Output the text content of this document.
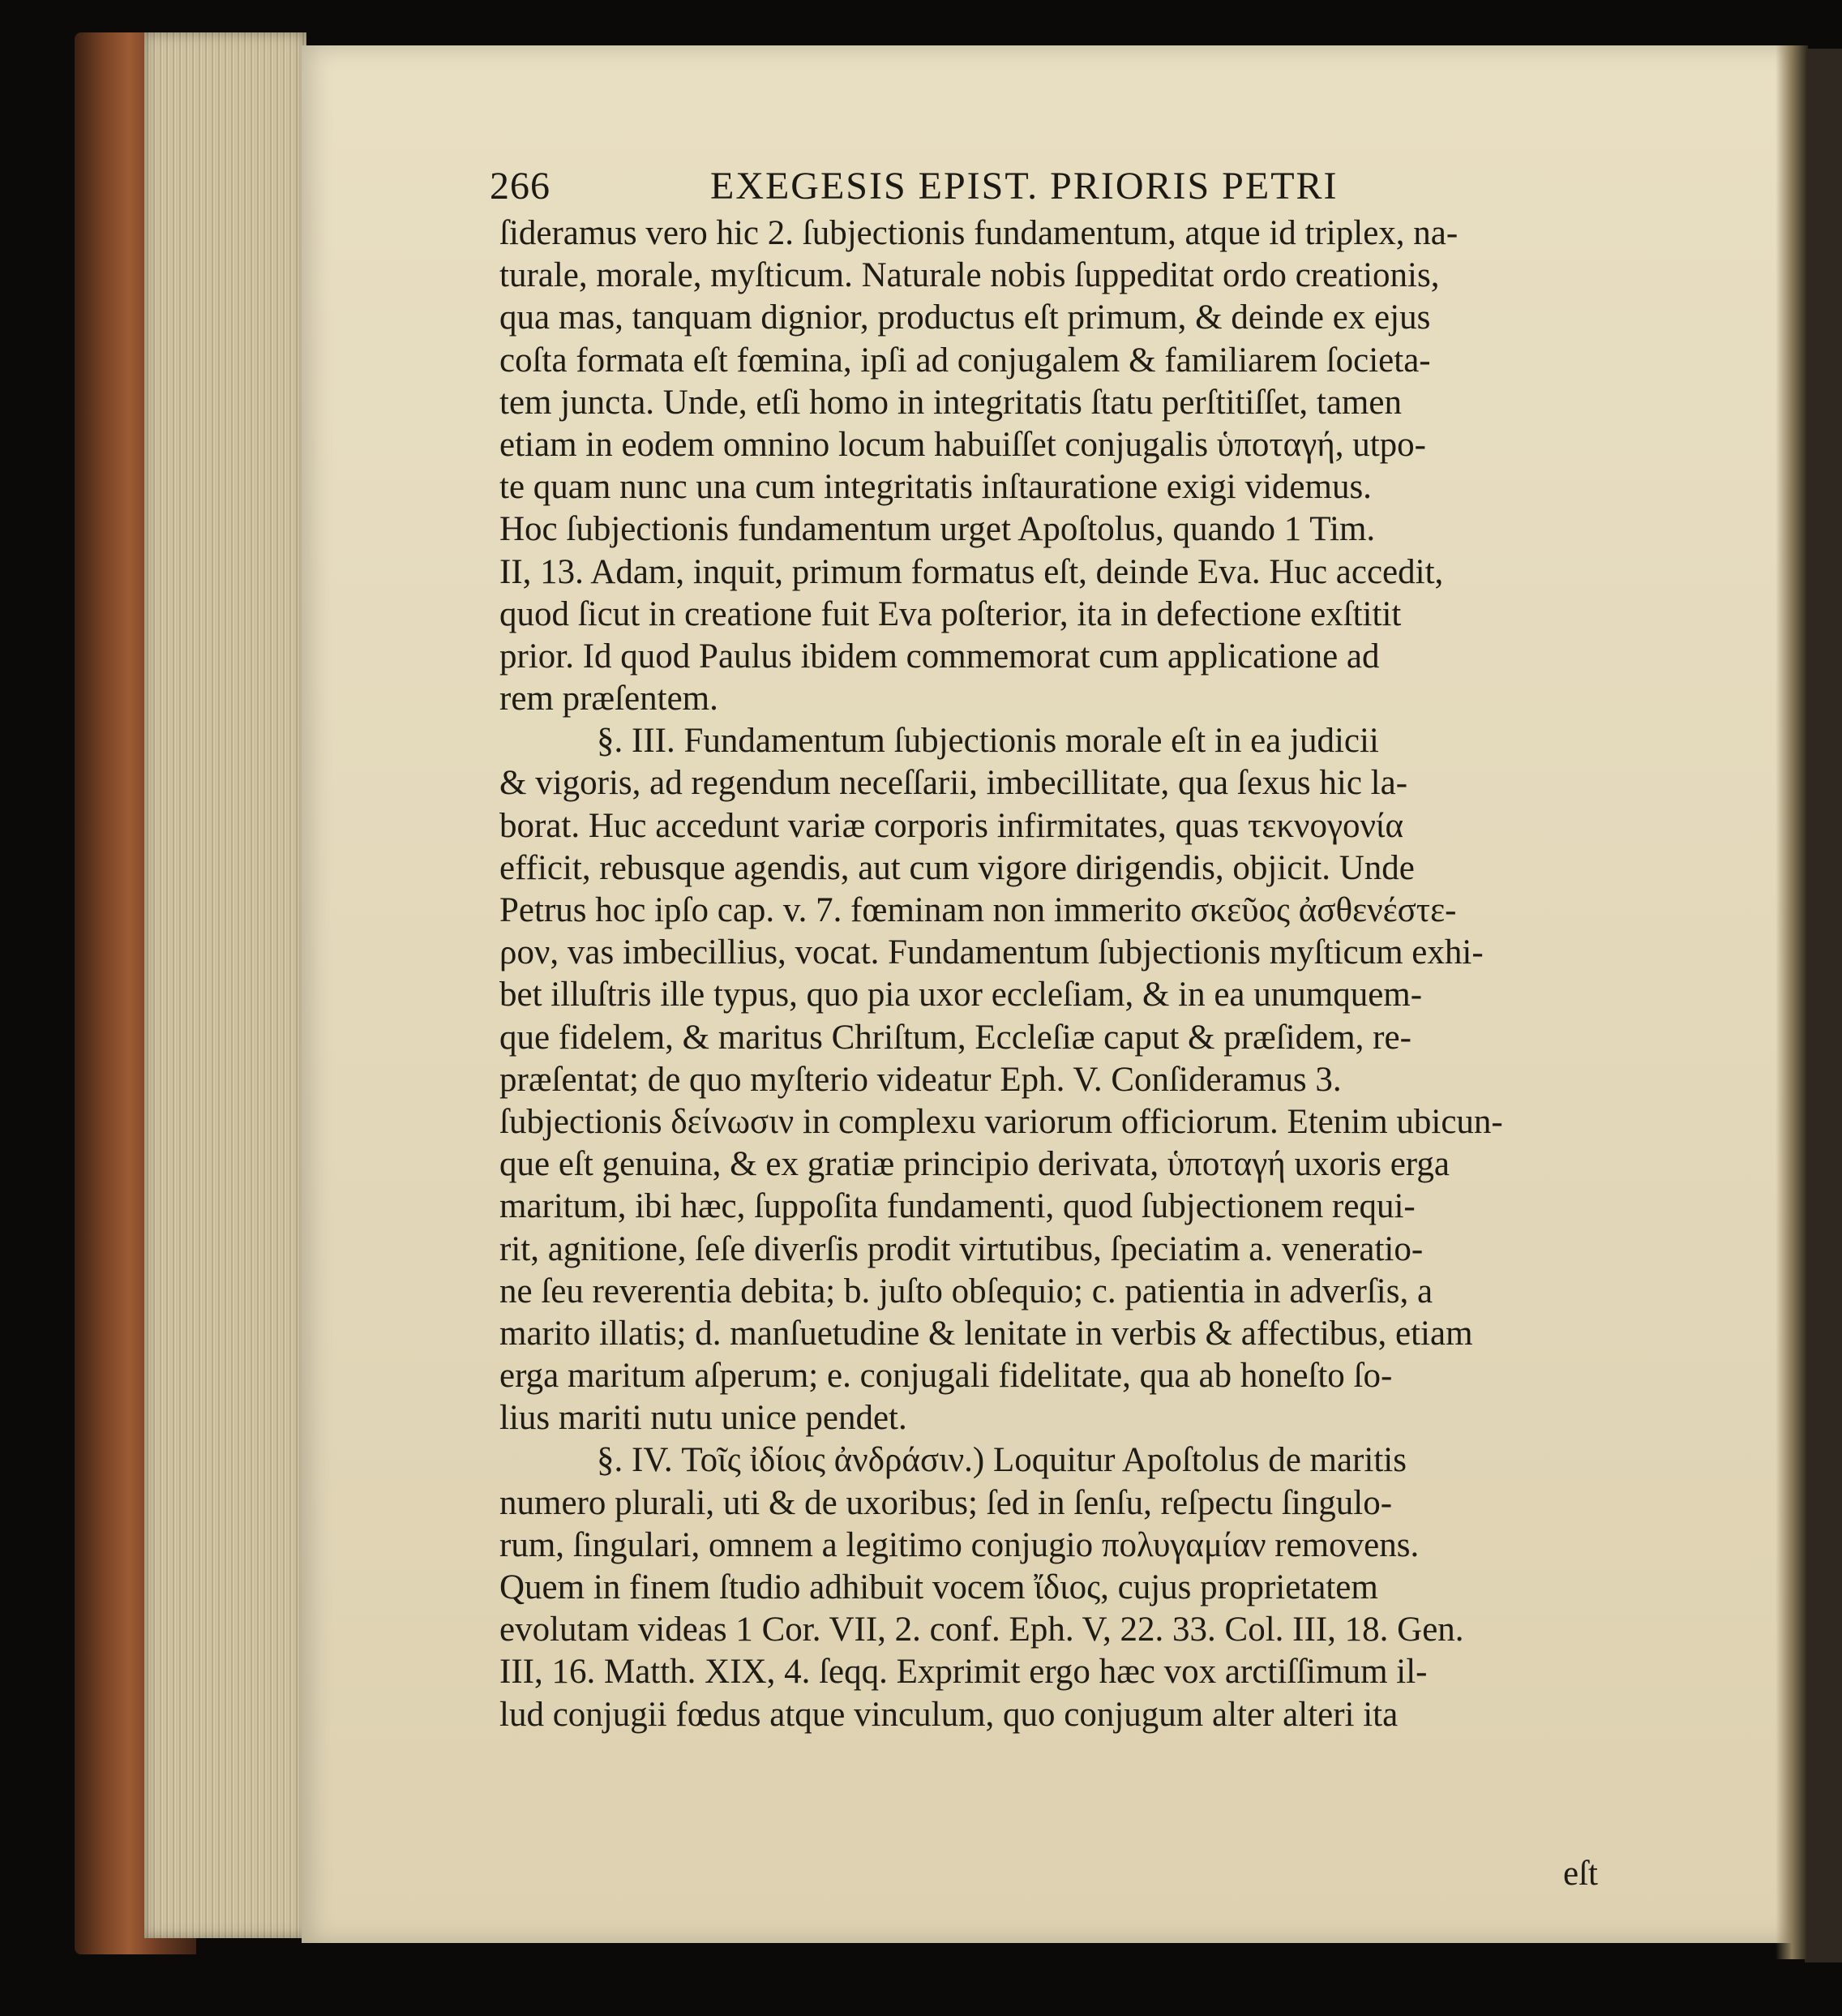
266	EXEGESIS EPIST. PRIORIS PETRI
ſideramus vero hic 2. ſubjectionis fundamentum, atque id triplex, na-
turale, morale, myſticum. Naturale nobis ſuppeditat ordo creationis,
qua mas, tanquam dignior, productus eſt primum, & deinde ex ejus
coſta formata eſt fœmina, ipſi ad conjugalem & familiarem ſocieta-
tem juncta. Unde, etſi homo in integritatis ſtatu perſtitiſſet, tamen
etiam in eodem omnino locum habuiſſet conjugalis ὑποταγή, utpo-
te quam nunc una cum integritatis inſtauratione exigi videmus.
Hoc ſubjectionis fundamentum urget Apoſtolus, quando 1 Tim.
II, 13. Adam, inquit, primum formatus eſt, deinde Eva. Huc accedit,
quod ſicut in creatione fuit Eva poſterior, ita in defectione exſtitit
prior. Id quod Paulus ibidem commemorat cum applicatione ad
rem præſentem.
§. III. Fundamentum ſubjectionis morale eſt in ea judicii
& vigoris, ad regendum neceſſarii, imbecillitate, qua ſexus hic la-
borat. Huc accedunt variæ corporis infirmitates, quas τεκνογονία
efficit, rebusque agendis, aut cum vigore dirigendis, objicit. Unde
Petrus hoc ipſo cap. v. 7. fœminam non immerito σκεῦος ἀσθενέστε-
ρον, vas imbecillius, vocat. Fundamentum ſubjectionis myſticum exhi-
bet illuſtris ille typus, quo pia uxor eccleſiam, & in ea unumquem-
que fidelem, & maritus Chriſtum, Eccleſiæ caput & præſidem, re-
præſentat; de quo myſterio videatur Eph. V. Conſideramus 3.
ſubjectionis δείνωσιν in complexu variorum officiorum. Etenim ubicun-
que eſt genuina, & ex gratiæ principio derivata, ὑποταγή uxoris erga
maritum, ibi hæc, ſuppoſita fundamenti, quod ſubjectionem requi-
rit, agnitione, ſeſe diverſis prodit virtutibus, ſpeciatim a. veneratio-
ne ſeu reverentia debita; b. juſto obſequio; c. patientia in adverſis, a
marito illatis; d. manſuetudine & lenitate in verbis & affectibus, etiam
erga maritum aſperum; e. conjugali fidelitate, qua ab honeſto ſo-
lius mariti nutu unice pendet.
§. IV. Τοῖς ἰδίοις ἀνδράσιν.) Loquitur Apoſtolus de maritis
numero plurali, uti & de uxoribus; ſed in ſenſu, reſpectu ſingulo-
rum, ſingulari, omnem a legitimo conjugio πολυγαμίαν removens.
Quem in finem ſtudio adhibuit vocem ἴδιος, cujus proprietatem
evolutam videas 1 Cor. VII, 2. conf. Eph. V, 22. 33. Col. III, 18. Gen.
III, 16. Matth. XIX, 4. ſeqq. Exprimit ergo hæc vox arctiſſimum il-
lud conjugii fœdus atque vinculum, quo conjugum alter alteri ita
eſt
